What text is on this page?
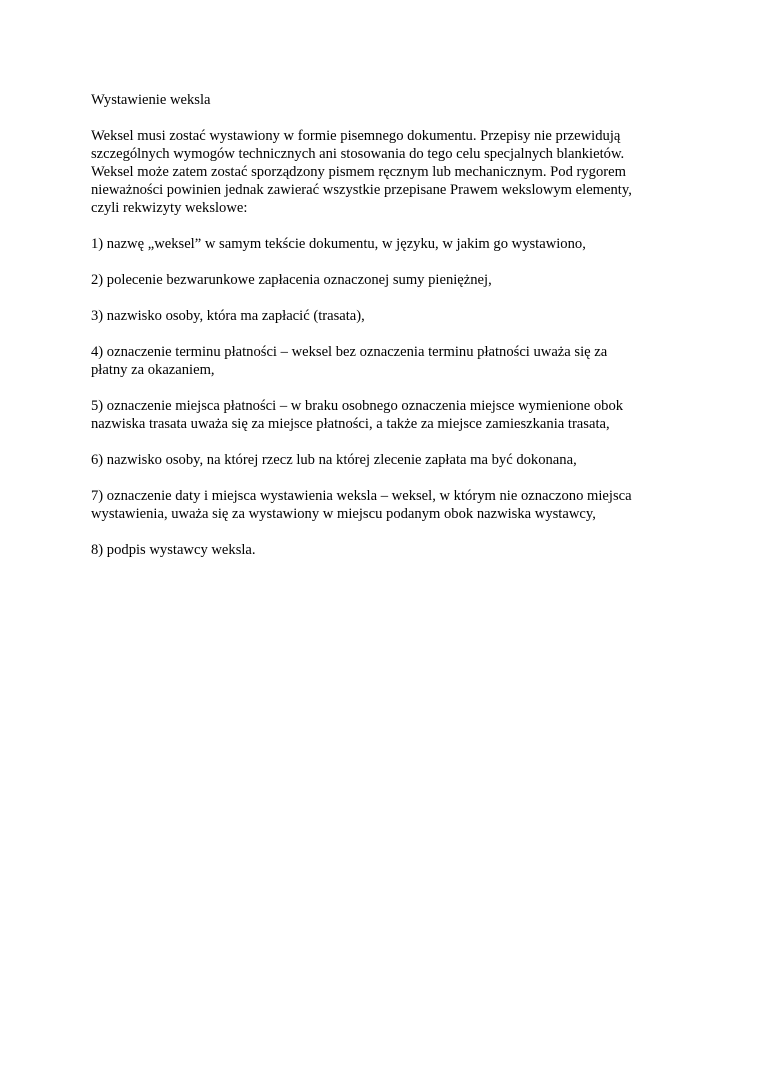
Wystawienie weksla

Weksel musi zostać wystawiony w formie pisemnego dokumentu. Przepisy nie przewidują
szczególnych wymogów technicznych ani stosowania do tego celu specjalnych blankietów.
Weksel może zatem zostać sporządzony pismem ręcznym lub mechanicznym. Pod rygorem
nieważności powinien jednak zawierać wszystkie przepisane Prawem wekslowym elementy,
czyli rekwizyty wekslowe:

1) nazwę „weksel” w samym tekście dokumentu, w języku, w jakim go wystawiono,

2) polecenie bezwarunkowe zapłacenia oznaczonej sumy pieniężnej,

3) nazwisko osoby, która ma zapłacić (trasata),

4) oznaczenie terminu płatności – weksel bez oznaczenia terminu płatności uważa się za
płatny za okazaniem,

5) oznaczenie miejsca płatności – w braku osobnego oznaczenia miejsce wymienione obok
nazwiska trasata uważa się za miejsce płatności, a także za miejsce zamieszkania trasata,

6) nazwisko osoby, na której rzecz lub na której zlecenie zapłata ma być dokonana,

7) oznaczenie daty i miejsca wystawienia weksla – weksel, w którym nie oznaczono miejsca
wystawienia, uważa się za wystawiony w miejscu podanym obok nazwiska wystawcy,

8) podpis wystawcy weksla.
